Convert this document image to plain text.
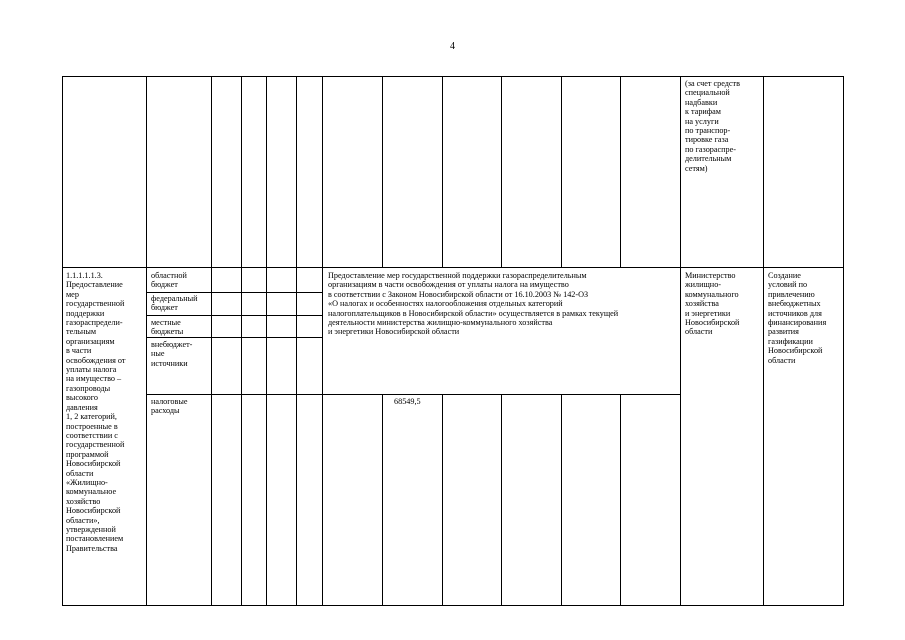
4
(за счет средств
специальной
надбавки
к тарифам
на услуги
по транспор-
тировке газа
по газораспре-
делительным
сетям)
1.1.1.1.1.3.
Предоставление
мер
государственной
поддержки
газораспредели-
тельным
организациям
в части
освобождения от
уплаты налога
на имущество –
газопроводы
высокого
давления
1, 2 категорий,
построенные в
соответствии с
государственной
программой
Новосибирской
области
«Жилищно-
коммунальное
хозяйство
Новосибирской
области»,
утвержденной
постановлением
Правительства
областной
бюджет
федеральный
бюджет
местные
бюджеты
внебюджет-
ные
источники
налоговые
расходы
Предоставление мер государственной поддержки газораспределительным
организациям в части освобождения от уплаты налога на имущество
в соответствии с Законом Новосибирской области от 16.10.2003 № 142-ОЗ
«О налогах и особенностях налогообложения отдельных категорий
налогоплательщиков в Новосибирской области» осуществляется в рамках текущей
деятельности министерства жилищно-коммунального хозяйства
и энергетики Новосибирской области
68549,5
Министерство
жилищно-
коммунального
хозяйства
и энергетики
Новосибирской
области
Создание
условий по
привлечению
внебюджетных
источников для
финансирования
развития
газификации
Новосибирской
области
